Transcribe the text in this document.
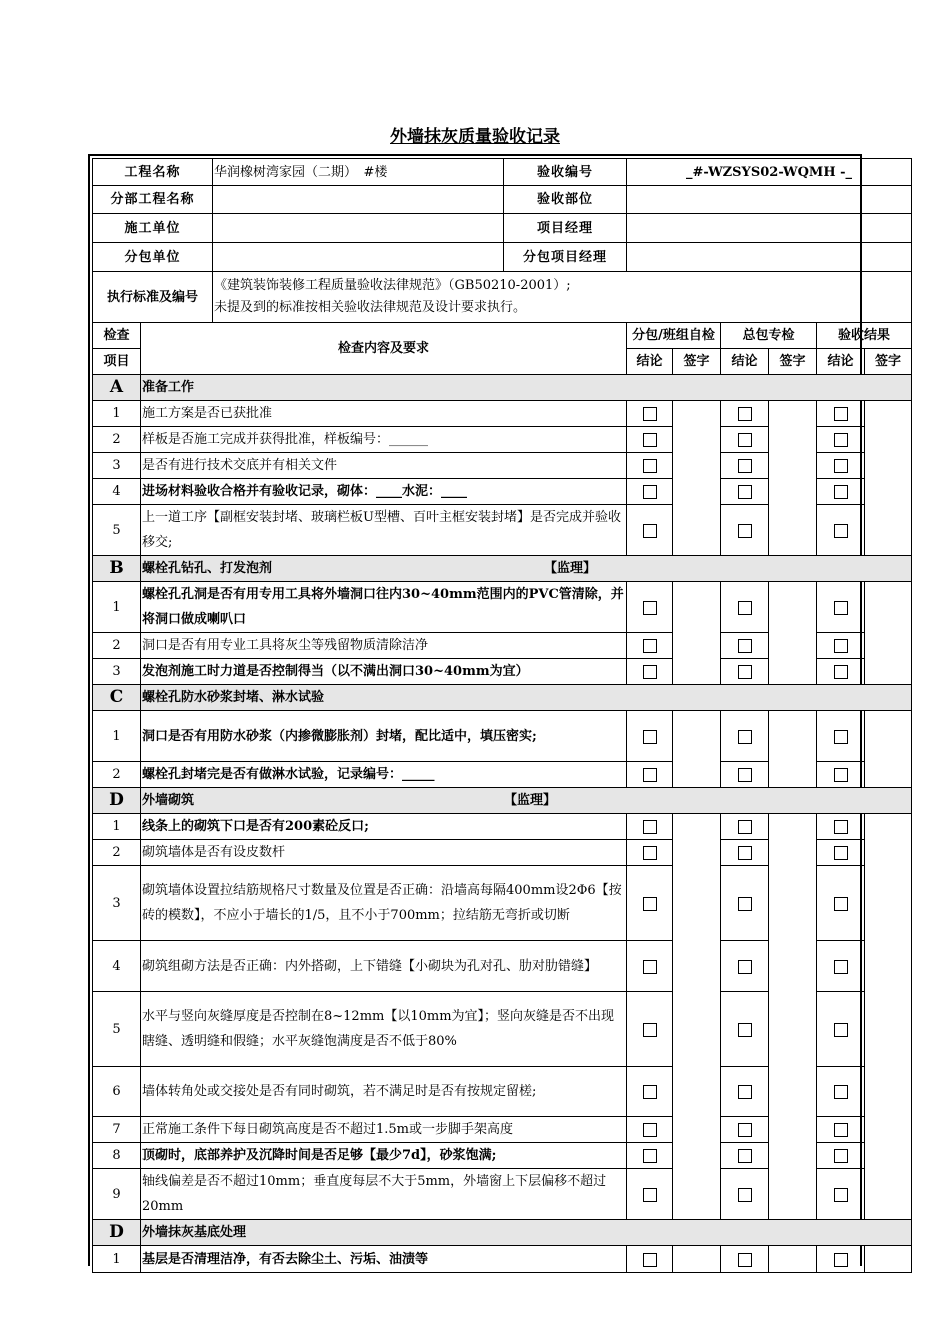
外墙抹灰质量验收记录
工程名称		华润橡树湾家园（二期）　#楼	验收编号	_#-WZSYS02-WQMH -_					
分部工程名称			验收部位						
施工单位			项目经理						
分包单位			分包项目经理						
执行标准及编号		《建筑装饰装修工程质量验收法律规范》（GB50210-2001）;
未提及到的标准按相关验收法律规范及设计要求执行。							

检查	检查内容及要求			分包/班组自检		总包专检		验收结果	
项目				结论	签字	结论	签字	结论	签字
A	准备工作								
1	施工方案是否已获批准								
2	样板是否施工完成并获得批准，样板编号：______								
3	是否有进行技术交底并有相关文件								
4	进场材料验收合格并有验收记录，砌体：____水泥：____								
5	上一道工序【副框安装封堵、玻璃栏板U型槽、百叶主框安装封堵】是否完成并验收移交;								
B	螺栓孔钻孔、打发泡剂 【监理】								
1	螺栓孔孔洞是否有用专用工具将外墙洞口往内30~40mm范围内的PVC管清除，并将洞口做成喇叭口								
2	洞口是否有用专业工具将灰尘等残留物质清除洁净								
3	发泡剂施工时力道是否控制得当（以不满出洞口30~40mm为宜）								
C	螺栓孔防水砂浆封堵、淋水试验								
1	洞口是否有用防水砂浆（内掺微膨胀剂）封堵，配比适中，填压密实;								
2	螺栓孔封堵完是否有做淋水试验，记录编号：_____								
D	外墙砌筑 【监理】								
1	线条上的砌筑下口是否有200素砼反口;								
2	砌筑墙体是否有设皮数杆								
3	砌筑墙体设置拉结筋规格尺寸数量及位置是否正确：沿墙高每隔400mm设2Φ6【按砖的模数】，不应小于墙长的1/5，且不小于700mm；拉结筋无弯折或切断								
4	砌筑组砌方法是否正确：内外搭砌，上下错缝【小砌块为孔对孔、肋对肋错缝】								
5	水平与竖向灰缝厚度是否控制在8~12mm【以10mm为宜】；竖向灰缝是否不出现瞎缝、透明缝和假缝；水平灰缝饱满度是否不低于80%								
6	墙体转角处或交接处是否有同时砌筑，若不满足时是否有按规定留槎;								
7	正常施工条件下每日砌筑高度是否不超过1.5m或一步脚手架高度								
8	顶砌时，底部养护及沉降时间是否足够【最少7d】，砂浆饱满;								
9	轴线偏差是否不超过10mm；垂直度每层不大于5mm，外墙窗上下层偏移不超过20mm								
D	外墙抹灰基底处理								
1	基层是否清理洁净，有否去除尘土、污垢、油渍等								
